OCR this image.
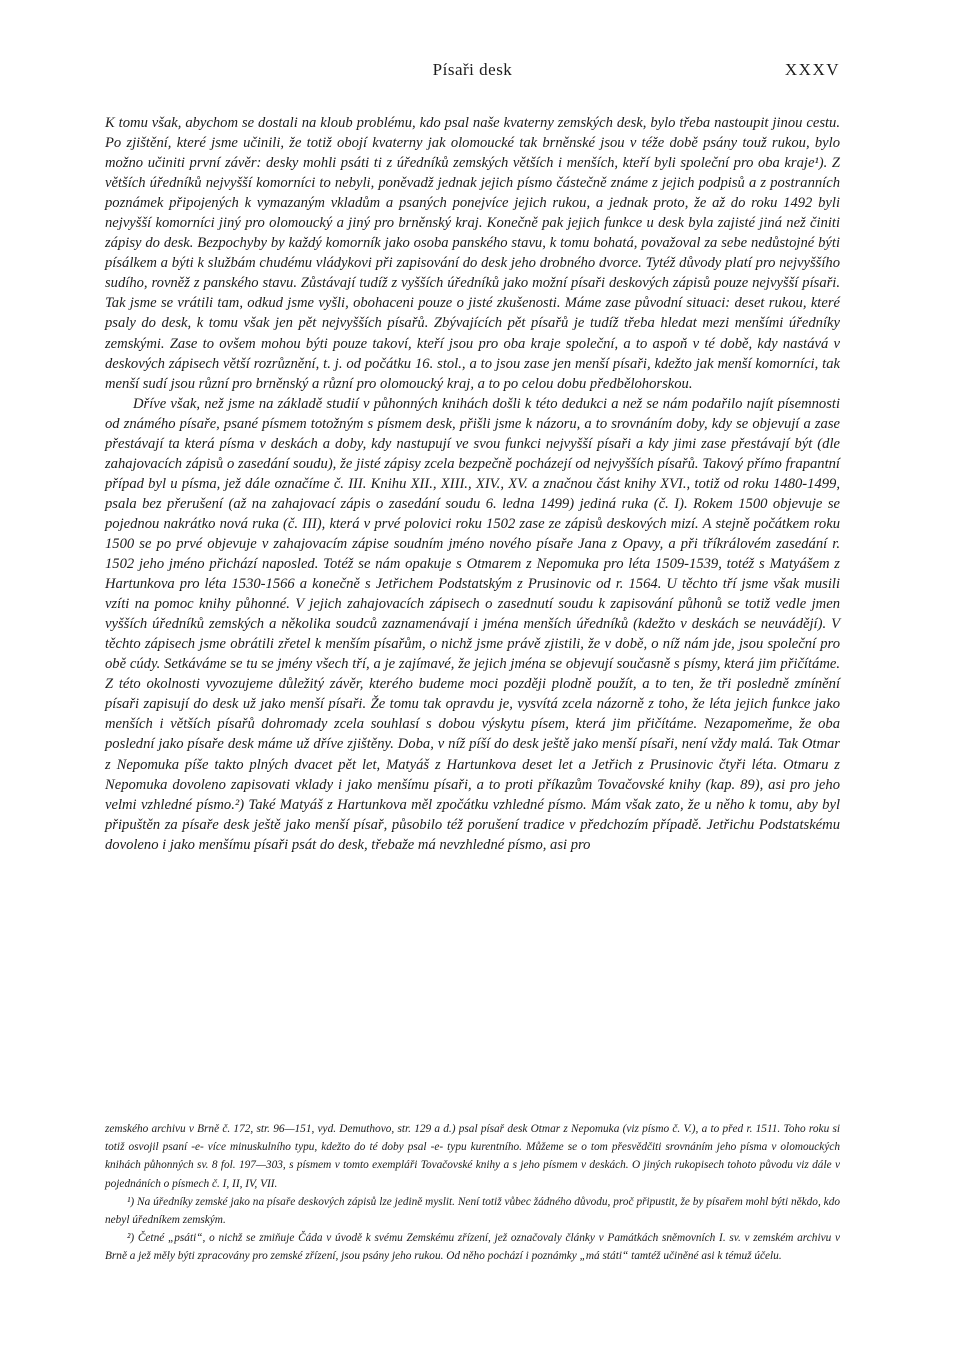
Písaři desk	XXXV

K tomu však, abychom se dostali na kloub problému, kdo psal naše kvaterny zemských desk, bylo třeba nastoupit jinou cestu. Po zjištění, které jsme učinili, že totiž obojí kvaterny jak olomoucké tak brněnské jsou v téže době psány touž rukou, bylo možno učiniti první závěr: desky mohli psáti ti z úředníků zemských větších i menších, kteří byli společní pro oba kraje¹). Z větších úředníků nejvyšší komorníci to nebyli, poněvadž jednak jejich písmo částečně známe z jejich podpisů a z postranních poznámek připojených k vymazaným vkladům a psaných ponejvíce jejich rukou, a jednak proto, že až do roku 1492 byli nejvyšší komorníci jiný pro olomoucký a jiný pro brněnský kraj. Konečně pak jejich funkce u desk byla zajisté jiná než činiti zápisy do desk. Bezpochyby by každý komorník jako osoba panského stavu, k tomu bohatá, považoval za sebe nedůstojné býti písálkem a býti k službám chudému vládykovi při zapisování do desk jeho drobného dvorce. Tytéž důvody platí pro nejvyššího sudího, rovněž z panského stavu. Zůstávají tudíž z vyšších úředníků jako možní písaři deskových zápisů pouze nejvyšší písaři. Tak jsme se vrátili tam, odkud jsme vyšli, obohaceni pouze o jisté zkušenosti. Máme zase původní situaci: deset rukou, které psaly do desk, k tomu však jen pět nejvyšších písařů. Zbývajících pět písařů je tudíž třeba hledat mezi menšími úředníky zemskými. Zase to ovšem mohou býti pouze takoví, kteří jsou pro oba kraje společní, a to aspoň v té době, kdy nastává v deskových zápisech větší rozrůznění, t. j. od počátku 16. stol., a to jsou zase jen menší písaři, kdežto jak menší komorníci, tak menší sudí jsou různí pro brněnský a různí pro olomoucký kraj, a to po celou dobu předbělohorskou.

Dříve však, než jsme na základě studií v půhonných knihách došli k této dedukci a než se nám podařilo najít písemnosti od známého písaře, psané písmem totožným s písmem desk, přišli jsme k názoru, a to srovnáním doby, kdy se objevují a zase přestávají ta která písma v deskách a doby, kdy nastupují ve svou funkci nejvyšší písaři a kdy jimi zase přestávají být (dle zahajovacích zápisů o zasedání soudu), že jisté zápisy zcela bezpečně pocházejí od nejvyšších písařů. Takový přímo frapantní případ byl u písma, jež dále označíme č. III. Knihu XII., XIII., XIV., XV. a značnou část knihy XVI., totiž od roku 1480-1499, psala bez přerušení (až na zahajovací zápis o zasedání soudu 6. ledna 1499) jediná ruka (č. I). Rokem 1500 objevuje se pojednou nakrátko nová ruka (č. III), která v prvé polovici roku 1502 zase ze zápisů deskových mizí. A stejně počátkem roku 1500 se po prvé objevuje v zahajovacím zápise soudním jméno nového písaře Jana z Opavy, a při tříkrálovém zasedání r. 1502 jeho jméno přichází naposled. Totéž se nám opakuje s Otmarem z Nepomuka pro léta 1509-1539, totéž s Matyášem z Hartunkova pro léta 1530-1566 a konečně s Jetřichem Podstatským z Prusinovic od r. 1564. U těchto tří jsme však musili vzíti na pomoc knihy půhonné. V jejich zahajovacích zápisech o zasednutí soudu k zapisování půhonů se totiž vedle jmen vyšších úředníků zemských a několika soudců zaznamenávají i jména menších úředníků (kdežto v deskách se neuvádějí). V těchto zápisech jsme obrátili zřetel k menším písařům, o nichž jsme právě zjistili, že v době, o níž nám jde, jsou společní pro obě cúdy. Setkáváme se tu se jmény všech tří, a je zajímavé, že jejich jména se objevují současně s písmy, která jim přičítáme. Z této okolnosti vyvozujeme důležitý závěr, kterého budeme moci později plodně použít, a to ten, že tři posledně zmínění písaři zapisují do desk už jako menší písaři. Že tomu tak opravdu je, vysvítá zcela názorně z toho, že léta jejich funkce jako menších i větších písařů dohromady zcela souhlasí s dobou výskytu písem, která jim přičítáme. Nezapomeňme, že oba poslední jako písaře desk máme už dříve zjištěny. Doba, v níž píší do desk ještě jako menší písaři, není vždy malá. Tak Otmar z Nepomuka píše takto plných dvacet pět let, Matyáš z Hartunkova deset let a Jetřich z Prusinovic čtyři léta. Otmaru z Nepomuka dovoleno zapisovati vklady i jako menšímu písaři, a to proti příkazům Tovačovské knihy (kap. 89), asi pro jeho velmi vzhledné písmo.²) Také Matyáš z Hartunkova měl zpočátku vzhledné písmo. Mám však zato, že u něho k tomu, aby byl připuštěn za písaře desk ještě jako menší písař, působilo též porušení tradice v předchozím případě. Jetřichu Podstatskému dovoleno i jako menšímu písaři psát do desk, třebaže má nevzhledné písmo, asi pro

zemského archivu v Brně č. 172, str. 96—151, vyd. Demuthovo, str. 129 a d.) psal písař desk Otmar z Nepomuka (viz písmo č. V.), a to před r. 1511. Toho roku si totiž osvojil psaní -e- více minuskulního typu, kdežto do té doby psal -e- typu kurentního. Můžeme se o tom přesvědčiti srovnáním jeho písma v olomouckých knihách půhonných sv. 8 fol. 197—303, s písmem v tomto exempláři Tovačovské knihy a s jeho písmem v deskách. O jiných rukopisech tohoto původu viz dále v pojednáních o písmech č. I, II, IV, VII.

¹) Na úředníky zemské jako na písaře deskových zápisů lze jedině myslit. Není totiž vůbec žádného důvodu, proč připustit, že by písařem mohl býti někdo, kdo nebyl úředníkem zemským.

²) Četné „psáti“, o nichž se zmiňuje Čáda v úvodě k svému Zemskému zřízení, jež označovaly články v Památkách sněmovních I. sv. v zemském archivu v Brně a jež měly býti zpracovány pro zemské zřízení, jsou psány jeho rukou. Od něho pochází i poznámky „má státi“ tamtéž učiněné asi k témuž účelu.
